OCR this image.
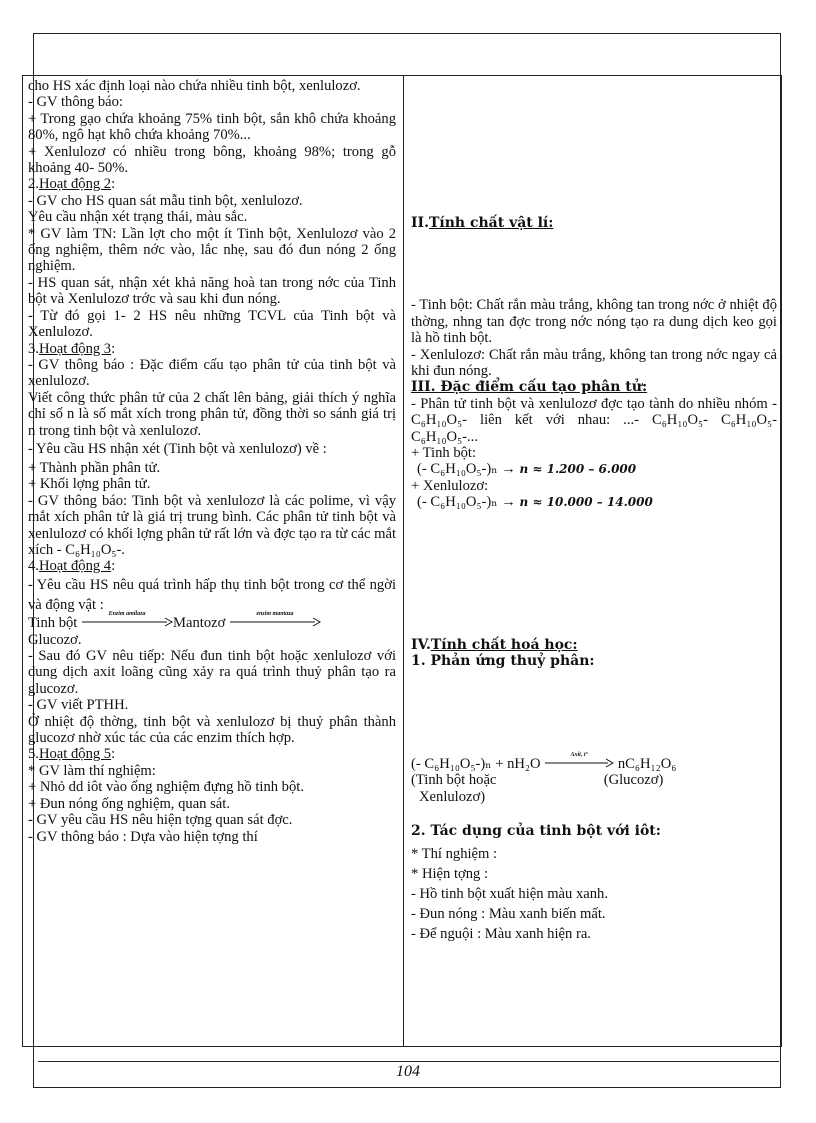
cho HS xác định loại nào chứa nhiều tinh bột, xenlulozơ.

- GV thông báo:

+ Trong gạo chứa khoảng 75% tinh bột, sắn khô chứa khoảng 80%, ngô hạt khô chứa khoảng 70%...

+ Xenlulozơ có nhiều trong bông, khoảng 98%; trong gỗ khoảng 40- 50%.

2.Hoạt động 2:

- GV cho HS quan sát mẫu tinh bột, xenlulozơ.

Yêu cầu nhận xét trạng thái, màu sắc.

* GV làm TN: Lần lợt cho một ít Tinh bột, Xenlulozơ vào 2 ống nghiệm, thêm nớc vào, lắc nhẹ, sau đó đun nóng 2 ống nghiệm.

- HS quan sát, nhận xét khả năng hoà tan trong nớc của Tinh bột và Xenlulozơ trớc và sau khi đun nóng.

- Từ đó gọi 1- 2 HS nêu những TCVL của Tinh bột và Xenlulozơ.

3.Hoạt động 3:

- GV thông báo : Đặc điểm cấu tạo phân tử của tinh bột và xenlulozơ.

Viết công thức phân tử của 2 chất lên bảng, giải thích ý nghĩa chỉ số n là số mắt xích trong phân tử, đồng thời so sánh giá trị n trong tinh bột và xenlulozơ.

- Yêu cầu HS nhận xét (Tinh bột và xenlulozơ) về :

+ Thành phần phân tử.

+ Khối lợng phân tử.

- GV thông báo: Tinh bột và xenlulozơ là các polime, vì vậy mắt xích phân tử là giá trị trung bình. Các phân tử tinh bột và xenlulozơ có khối lợng phân tử rất lớn và đợc tạo ra từ các mắt xích - C₆H₁₀O₅-.

4.Hoạt động 4:

- Yêu cầu HS nêu quá trình hấp thụ tinh bột trong cơ thể ngời và động vật :

Tinh bột
Enzim amilaza
Mantozơ
enzim mantaza

Glucozơ.

- Sau đó GV nêu tiếp: Nếu đun tinh bột hoặc xenlulozơ với dung dịch axit loãng cũng xảy ra quá trình thuỷ phân tạo ra glucozơ.

- GV viết PTHH.

Ở nhiệt độ thờng, tinh bột và xenlulozơ bị thuỷ phân thành glucozơ nhờ xúc tác của các enzim thích hợp.

5.Hoạt động 5:

* GV làm thí nghiệm:

+ Nhỏ dd iôt vào ống nghiệm đựng hồ tinh bột.

+ Đun nóng ống nghiệm, quan sát.

- GV yêu cầu HS nêu hiện tợng quan sát đợc.

- GV thông báo : Dựa vào hiện tợng thí

II.Tính chất vật lí:

- Tinh bột: Chất rắn màu trắng, không tan trong nớc ở nhiệt độ thờng, nhng tan đợc trong nớc nóng tạo ra dung dịch keo gọi là hồ tinh bột.

- Xenlulozơ: Chất rắn màu trắng, không tan trong nớc ngay cả khi đun nóng.

III. Đặc điểm cấu tạo phân tử:

- Phân tử tinh bột và xenlulozơ đợc tạo tành do nhiều nhóm - C₆H₁₀O₅- liên kết với nhau: ...- C₆H₁₀O₅- C₆H₁₀O₅- C₆H₁₀O₅-...

+ Tinh bột:

(- C₆H₁₀O₅-)ₙ → n ≈ 1.200 – 6.000

+ Xenlulozơ:

(- C₆H₁₀O₅-)ₙ → n ≈ 10.000 – 14.000

IV.Tính chất hoá học:

1. Phản ứng thuỷ phân:

(- C₆H₁₀O₅-)ₙ + nH₂O
Axit, t°
nC₆H₁₂O₆

(Tinh bột hoặc	(Glucozơ)

Xenlulozơ)

2. Tác dụng của tinh bột với iôt:

* Thí nghiệm :

* Hiện tợng :

- Hồ tinh bột xuất hiện màu xanh.

- Đun nóng : Màu xanh biến mất.

- Để nguội : Màu xanh hiện ra.

104
